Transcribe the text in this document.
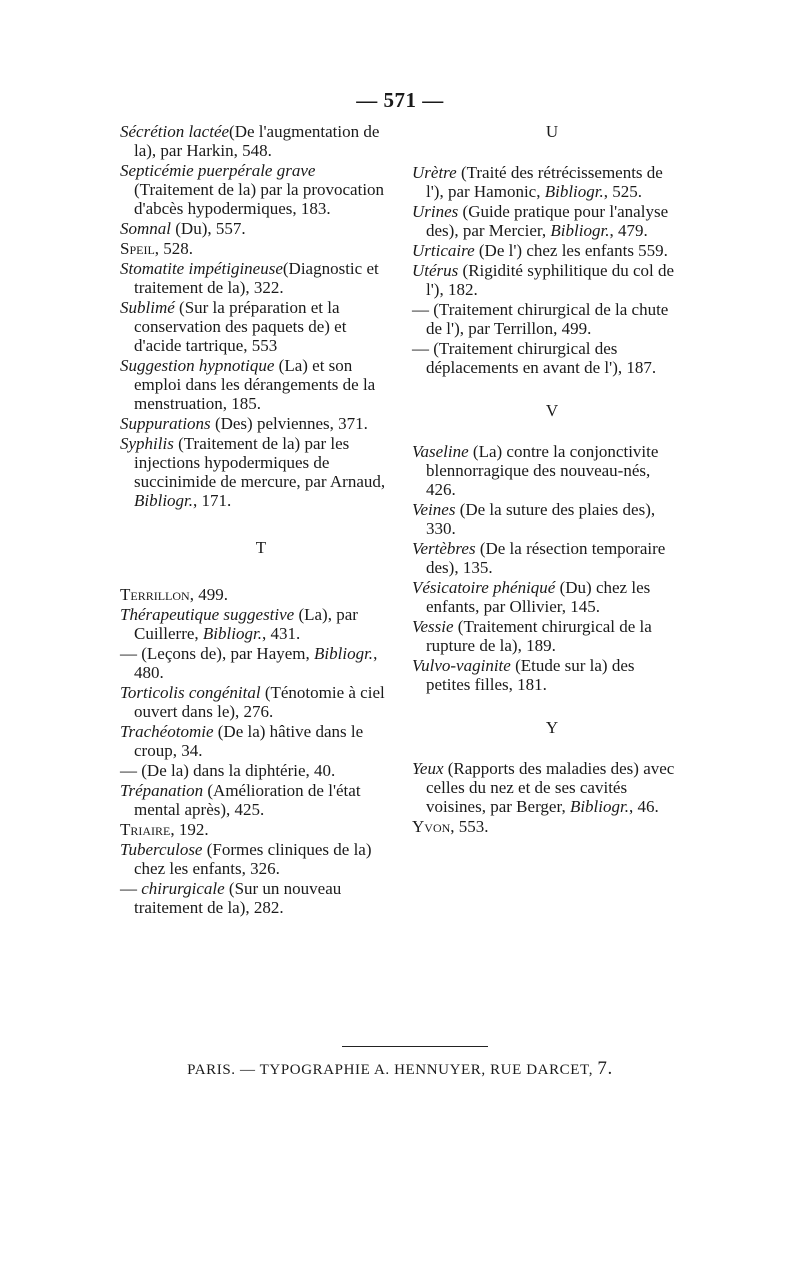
— 571 —

Sécrétion lactée(De l'augmentation de la), par Harkin, 548.

Septicémie puerpérale grave (Traitement de la) par la provocation d'abcès hypodermiques, 183.

Somnal (Du), 557.

Speil, 528.

Stomatite impétigineuse(Diagnostic et traitement de la), 322.

Sublimé (Sur la préparation et la conservation des paquets de) et d'acide tartrique, 553

Suggestion hypnotique (La) et son emploi dans les dérangements de la menstruation, 185.

Suppurations (Des) pelviennes, 371.

Syphilis (Traitement de la) par les injections hypodermiques de succinimide de mercure, par Arnaud, Bibliogr., 171.

T

Terrillon, 499.

Thérapeutique suggestive (La), par Cuillerre, Bibliogr., 431.

— (Leçons de), par Hayem, Bibliogr., 480.

Torticolis congénital (Ténotomie à ciel ouvert dans le), 276.

Trachéotomie (De la) hâtive dans le croup, 34.

— (De la) dans la diphtérie, 40.

Trépanation (Amélioration de l'état mental après), 425.

Triaire, 192.

Tuberculose (Formes cliniques de la) chez les enfants, 326.

— chirurgicale (Sur un nouveau traitement de la), 282.

U

Urètre (Traité des rétrécissements de l'), par Hamonic, Bibliogr., 525.

Urines (Guide pratique pour l'analyse des), par Mercier, Bibliogr., 479.

Urticaire (De l') chez les enfants 559.

Utérus (Rigidité syphilitique du col de l'), 182.

— (Traitement chirurgical de la chute de l'), par Terrillon, 499.

— (Traitement chirurgical des déplacements en avant de l'), 187.

V

Vaseline (La) contre la conjonctivite blennorragique des nouveau-nés, 426.

Veines (De la suture des plaies des), 330.

Vertèbres (De la résection temporaire des), 135.

Vésicatoire phéniqué (Du) chez les enfants, par Ollivier, 145.

Vessie (Traitement chirurgical de la rupture de la), 189.

Vulvo-vaginite (Etude sur la) des petites filles, 181.

Y

Yeux (Rapports des maladies des) avec celles du nez et de ses cavités voisines, par Berger, Bibliogr., 46.

Yvon, 553.

PARIS. — TYPOGRAPHIE A. HENNUYER, RUE DARCET, 7.
